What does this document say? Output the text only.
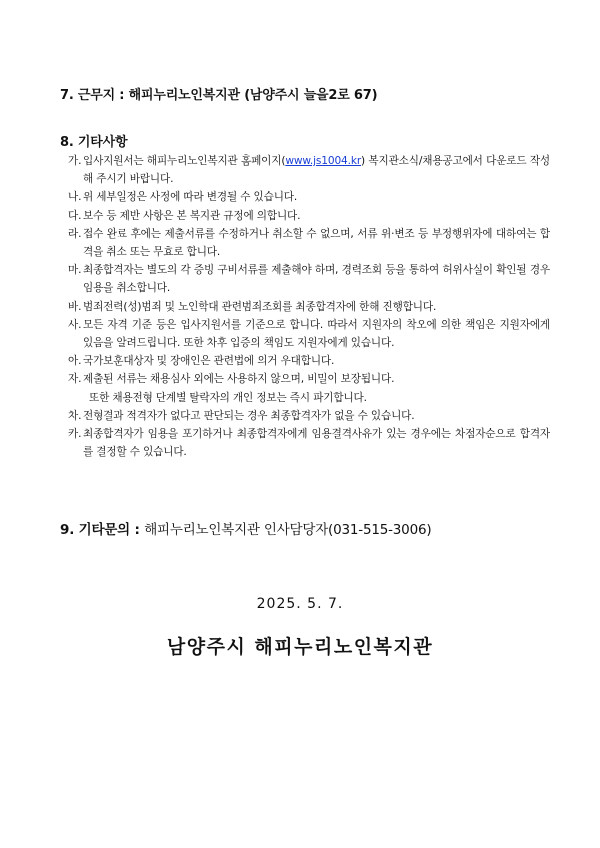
7. 근무지 : 해피누리노인복지관 (남양주시 늘을2로 67)
8. 기타사항
가. 입사지원서는 해피누리노인복지관 홈페이지(www.js1004.kr) 복지관소식/채용공고에서 다운로드 작성해 주시기 바랍니다.
나. 위 세부일정은 사정에 따라 변경될 수 있습니다.
다. 보수 등 제반 사항은 본 복지관 규정에 의합니다.
라. 접수 완료 후에는 제출서류를 수정하거나 취소할 수 없으며, 서류 위·변조 등 부정행위자에 대하여는 합격을 취소 또는 무효로 합니다.
마. 최종합격자는 별도의 각 증빙 구비서류를 제출해야 하며, 경력조회 등을 통하여 허위사실이 확인될 경우 임용을 취소합니다.
바. 범죄전력(성)범죄 및 노인학대 관련범죄조회를 최종합격자에 한해 진행합니다.
사. 모든 자격 기준 등은 입사지원서를 기준으로 합니다. 따라서 지원자의 착오에 의한 책임은 지원자에게 있음을 알려드립니다. 또한 차후 입증의 책임도 지원자에게 있습니다.
아. 국가보훈대상자 및 장애인은 관련법에 의거 우대합니다.
자. 제출된 서류는 채용심사 외에는 사용하지 않으며, 비밀이 보장됩니다.
또한 채용전형 단계별 탈락자의 개인 정보는 즉시 파기합니다.
차. 전형결과 적격자가 없다고 판단되는 경우 최종합격자가 없을 수 있습니다.
카. 최종합격자가 임용을 포기하거나 최종합격자에게 임용결격사유가 있는 경우에는 차점자순으로 합격자를 결정할 수 있습니다.
9. 기타문의 : 해피누리노인복지관 인사담당자(031-515-3006)
2025. 5. 7.
남양주시 해피누리노인복지관
